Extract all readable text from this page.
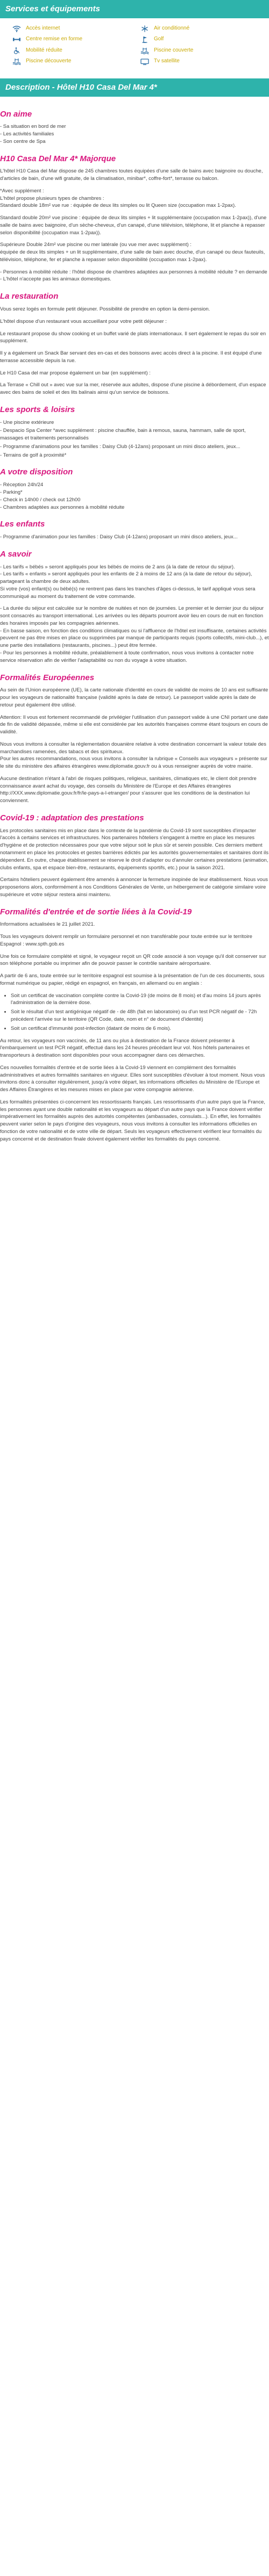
Services et équipements
Accès internet	Air conditionné
Centre remise en forme	Golf
Mobilité réduite	Piscine couverte
Piscine découverte	Tv satellite
Description - Hôtel H10 Casa Del Mar 4*
On aime

- Sa situation en bord de mer

- Les activités familiales

- Son centre de Spa

H10 Casa Del Mar 4* Majorque

L'hôtel H10 Casa del Mar dispose de 245 chambres toutes équipées d'une salle de bains avec baignoire ou douche, d'articles de bain, d'une wifi gratuite, de la climatisation, minibar*, coffre-fort*, terrasse ou balcon.

*Avec supplément :
L'hôtel propose plusieurs types de chambres :
Standard double 18m² vue rue : équipée de deux lits simples ou lit Queen size (occupation max 1-2pax).

Standard double 20m² vue piscine : équipée de deux lits simples + lit supplémentaire (occupation max 1-2pax)), d'une salle de bains avec baignoire, d'un sèche-cheveux, d'un canapé, d'une télévision, téléphone, lit et planche à repasser selon disponibilité (occupation max 1-2pax)).

Supérieure Double 24m² vue piscine ou mer latérale (ou vue mer avec supplément) :
équipée de deux lits simples + un lit supplémentaire, d'une salle de bain avec douche, d'un canapé ou deux fauteuils, télévision, téléphone, fer et planche à repasser selon disponibilité (occupation max 1-2pax).

- Personnes à mobilité réduite : l'hôtel dispose de chambres adaptées aux personnes à mobilité réduite ? en demande - L'hôtel n'accepte pas les animaux domestiques.

La restauration

Vous serez logés en formule petit déjeuner. Possibilité de prendre en option la demi-pension.

L'hôtel dispose d'un restaurant vous accueillant pour votre petit déjeuner :

Le restaurant propose du show cooking et un buffet varié de plats internationaux. Il sert également le repas du soir en supplément.

Il y a également un Snack Bar servant des en-cas et des boissons avec accès direct à la piscine. Il est équipé d'une terrasse accessible depuis la rue.

Le H10 Casa del mar propose également un bar (en supplément) :

La Terrase « Chill out » avec vue sur la mer, réservée aux adultes, dispose d'une piscine à débordement, d'un espace avec des bains de soleil et des lits balinais ainsi qu'un service de boissons.

Les sports & loisirs

- Une piscine extérieure

- Despacio Spa Center *avec supplément : piscine chauffée, bain à remous, sauna, hammam, salle de sport, massages et traitements personnalisés

- Programme d'animations pour les familles : Daisy Club (4-12ans) proposant un mini disco ateliers, jeux...

- Terrains de golf à proximité*

A votre disposition

- Réception 24h/24

- Parking*

- Check in 14h00 / check out 12h00

- Chambres adaptées aux personnes à mobilité réduite

Les enfants

- Programme d'animation pour les familles : Daisy Club (4-12ans) proposant un mini disco ateliers, jeux...

A savoir

- Les tarifs « bébés » seront appliqués pour les bébés de moins de 2 ans (à la date de retour du séjour).
- Les tarifs « enfants » seront appliqués pour les enfants de 2 à moins de 12 ans (à la date de retour du séjour), partageant la chambre de deux adultes.
Si votre (vos) enfant(s) ou bébé(s) ne rentrent pas dans les tranches d'âges ci-dessus, le tarif appliqué vous sera communiqué au moment du traitement de votre commande.

- La durée du séjour est calculée sur le nombre de nuitées et non de journées. Le premier et le dernier jour du séjour sont consacrés au transport international. Les arrivées ou les départs pourront avoir lieu en cours de nuit en fonction des horaires imposés par les compagnies aériennes.
- En basse saison, en fonction des conditions climatiques ou si l'affluence de l'hôtel est insuffisante, certaines activités peuvent ne pas être mises en place ou supprimées par manque de participants requis (sports collectifs, mini-club...), et une partie des installations (restaurants, piscines...) peut être fermée.
- Pour les personnes à mobilité réduite, préalablement à toute confirmation, nous vous invitons à contacter notre service réservation afin de vérifier l'adaptabilité ou non du voyage à votre situation.

Formalités Européennes

Au sein de l'Union européenne (UE), la carte nationale d'identité en cours de validité de moins de 10 ans est suffisante pour les voyageurs de nationalité française (validité après la date de retour). Le passeport valide après la date de retour peut également être utilisé.

Attention: Il vous est fortement recommandé de privilégier l'utilisation d'un passeport valide à une CNI portant une date de fin de validité dépassée, même si elle est considérée par les autorités françaises comme étant toujours en cours de validité.

Nous vous invitons à consulter la réglementation douanière relative à votre destination concernant la valeur totale des marchandises ramenées, des tabacs et des spiritueux.
Pour les autres recommandations, nous vous invitons à consulter la rubrique « Conseils aux voyageurs » présente sur le site du ministère des affaires étrangères www.diplomatie.gouv.fr ou à vous renseigner auprès de votre mairie.

Aucune destination n'étant à l'abri de risques politiques, religieux, sanitaires, climatiques etc, le client doit prendre connaissance avant achat du voyage, des conseils du Ministère de l'Europe et des Affaires étrangères http://XXX.www.diplomatie.gouv.fr/fr/le-pays-a-l-etranger/ pour s'assurer que les conditions de la destination lui conviennent.

Covid-19 : adaptation des prestations

Les protocoles sanitaires mis en place dans le contexte de la pandémie du Covid-19 sont susceptibles d'impacter l'accès à certains services et infrastructures. Nos partenaires hôteliers s'engagent à mettre en place les mesures d'hygiène et de protection nécessaires pour que votre séjour soit le plus sûr et serein possible. Ces derniers mettent notamment en place les protocoles et gestes barrières édictés par les autorités gouvernementales et sanitaires dont ils dépendent. En outre, chaque établissement se réserve le droit d'adapter ou d'annuler certaines prestations (animation, clubs enfants, spa et espace bien-être, restaurants, équipements sportifs, etc.) pour la saison 2021.

Certains hôteliers peuvent également être amenés à annoncer la fermeture inopinée de leur établissement. Nous vous proposerions alors, conformément à nos Conditions Générales de Vente, un hébergement de catégorie similaire voire supérieure et votre séjour restera ainsi maintenu.

Formalités d'entrée et de sortie liées à la Covid-19

Informations actualisées le 21 juillet 2021.

Tous les voyageurs doivent remplir un formulaire personnel et non transférable pour toute entrée sur le territoire Espagnol : www.spth.gob.es

Une fois ce formulaire complété et signé, le voyageur reçoit un QR code associé à son voyage qu'il doit conserver sur son téléphone portable ou imprimer afin de pouvoir passer le contrôle sanitaire aéroportuaire.

A partir de 6 ans, toute entrée sur le territoire espagnol est soumise à la présentation de l'un de ces documents, sous format numérique ou papier, rédigé en espagnol, en français, en allemand ou en anglais :

• Soit un certificat de vaccination complète contre la Covid-19 (de moins de 8 mois) et d'au moins 14 jours après l'administration de la dernière dose.
• Soit le résultat d'un test antigénique négatif de - de 48h (fait en laboratoire) ou d'un test PCR négatif de - 72h précédent l'arrivée sur le territoire (QR Code, date, nom et n° de document d'identité)
• Soit un certificat d'immunité post-infection (datant de moins de 6 mois).

Au retour, les voyageurs non vaccinés, de 11 ans ou plus à destination de la France doivent présenter à l'embarquement un test PCR négatif, effectué dans les 24 heures précédant leur vol. Nos hôtels partenaires et transporteurs à destination sont disponibles pour vous accompagner dans ces démarches.

Ces nouvelles formalités d'entrée et de sortie liées à la Covid-19 viennent en complément des formalités administratives et autres formalités sanitaires en vigueur. Elles sont susceptibles d'évoluer à tout moment. Nous vous invitons donc à consulter régulièrement, jusqu'à votre départ, les informations officielles du Ministère de l'Europe et des Affaires Étrangères et les mesures mises en place par votre compagnie aérienne.

Les formalités présentées ci-concernent les ressortissants français. Les ressortissants d'un autre pays que la France, les personnes ayant une double nationalité et les voyageurs au départ d'un autre pays que la France doivent vérifier impérativement les formalités auprès des autorités compétentes (ambassades, consulats...). En effet, les formalités peuvent varier selon le pays d'origine des voyageurs, nous vous invitons à consulter les informations officielles en fonction de votre nationalité et de votre ville de départ. Seuls les voyageurs effectivement vérifient leur formalités du pays concerné et de destination finale doivent également vérifier les formalités du pays concerné.
